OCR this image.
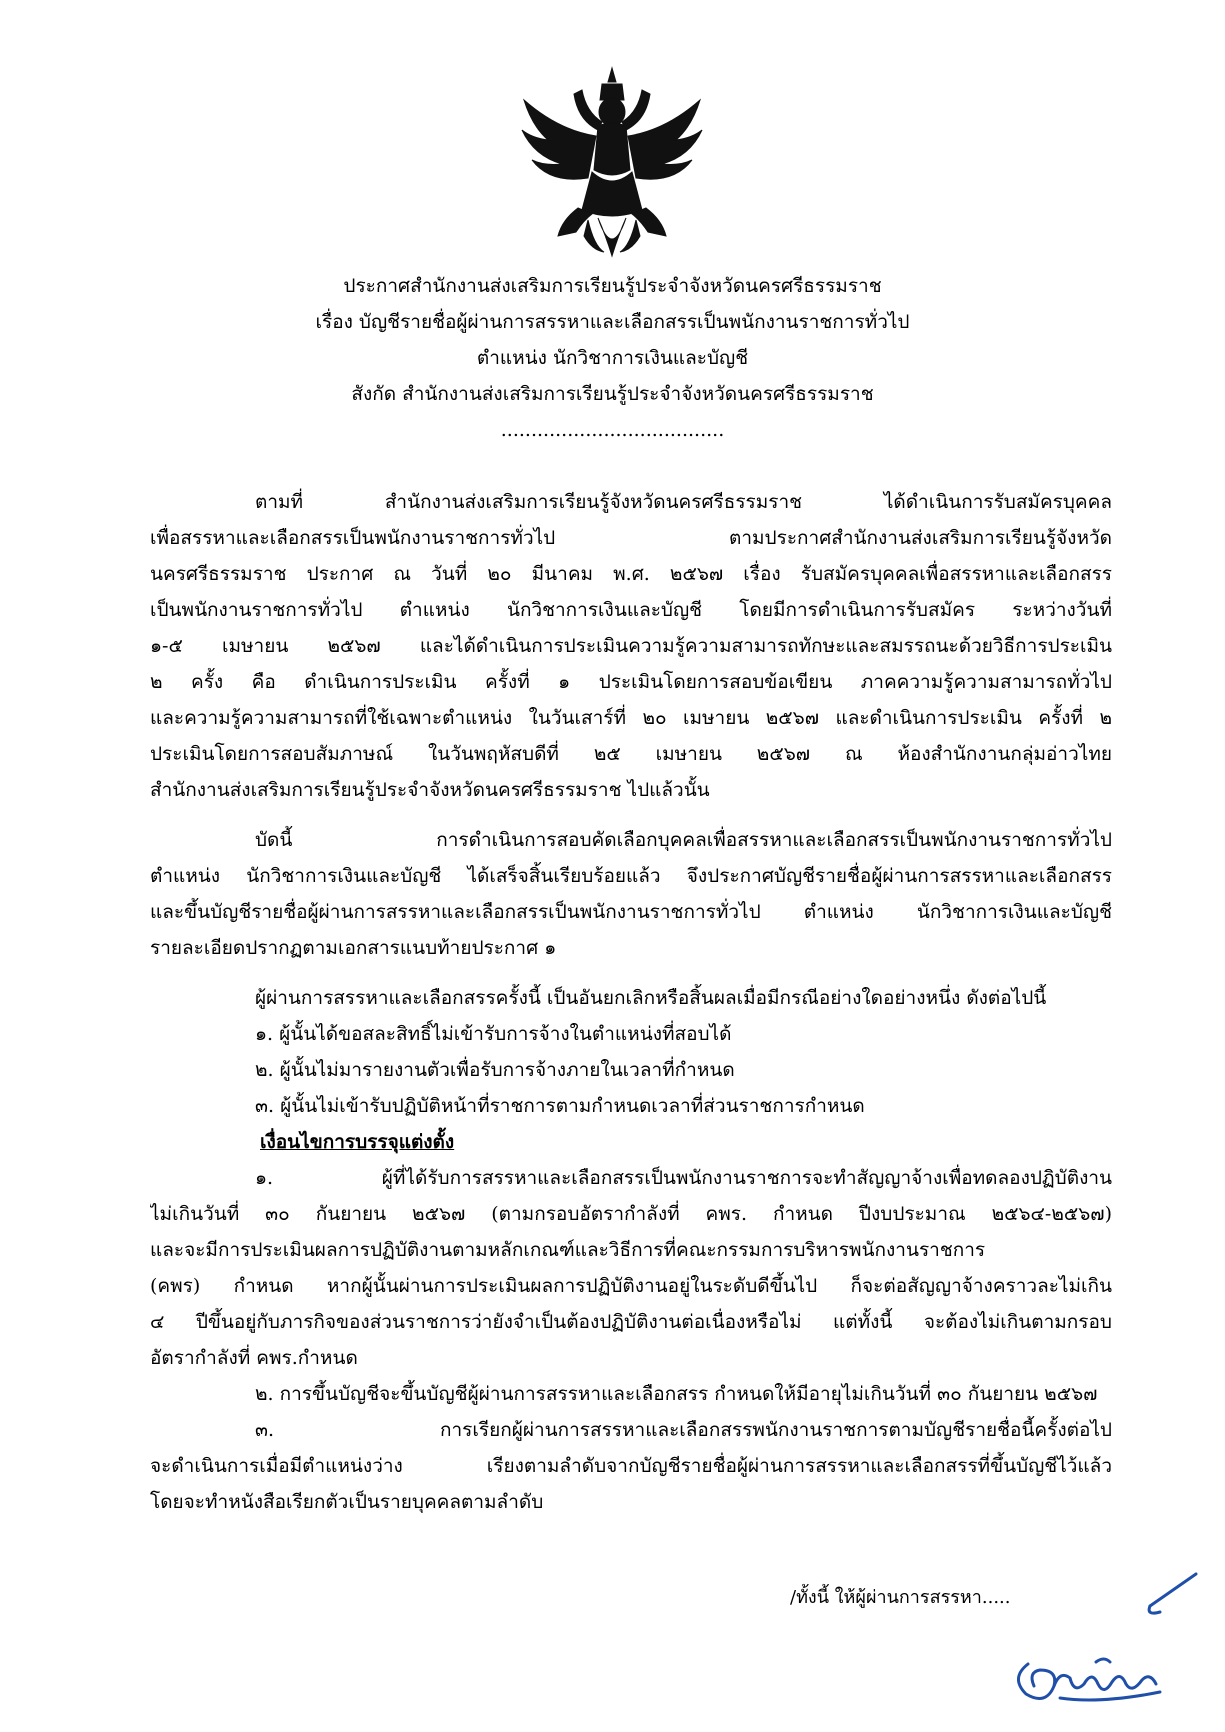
ประกาศสำนักงานส่งเสริมการเรียนรู้ประจำจังหวัดนครศรีธรรมราช
เรื่อง บัญชีรายชื่อผู้ผ่านการสรรหาและเลือกสรรเป็นพนักงานราชการทั่วไป
ตำแหน่ง นักวิชาการเงินและบัญชี
สังกัด สำนักงานส่งเสริมการเรียนรู้ประจำจังหวัดนครศรีธรรมราช
.....................................
ตามที่ สำนักงานส่งเสริมการเรียนรู้จังหวัดนครศรีธรรมราช ได้ดำเนินการรับสมัครบุคคล
เพื่อสรรหาและเลือกสรรเป็นพนักงานราชการทั่วไป ตามประกาศสำนักงานส่งเสริมการเรียนรู้จังหวัด
นครศรีธรรมราช ประกาศ ณ วันที่ ๒๐ มีนาคม พ.ศ. ๒๕๖๗ เรื่อง รับสมัครบุคคลเพื่อสรรหาและเลือกสรร
เป็นพนักงานราชการทั่วไป ตำแหน่ง นักวิชาการเงินและบัญชี โดยมีการดำเนินการรับสมัคร ระหว่างวันที่
๑-๕ เมษายน ๒๕๖๗ และได้ดำเนินการประเมินความรู้ความสามารถทักษะและสมรรถนะด้วยวิธีการประเมิน
๒ ครั้ง คือ ดำเนินการประเมิน ครั้งที่ ๑ ประเมินโดยการสอบข้อเขียน ภาคความรู้ความสามารถทั่วไป
และความรู้ความสามารถที่ใช้เฉพาะตำแหน่ง ในวันเสาร์ที่ ๒๐ เมษายน ๒๕๖๗ และดำเนินการประเมิน ครั้งที่ ๒
ประเมินโดยการสอบสัมภาษณ์ ในวันพฤหัสบดีที่ ๒๕ เมษายน ๒๕๖๗ ณ ห้องสำนักงานกลุ่มอ่าวไทย
สำนักงานส่งเสริมการเรียนรู้ประจำจังหวัดนครศรีธรรมราช ไปแล้วนั้น
บัดนี้ การดำเนินการสอบคัดเลือกบุคคลเพื่อสรรหาและเลือกสรรเป็นพนักงานราชการทั่วไป
ตำแหน่ง นักวิชาการเงินและบัญชี ได้เสร็จสิ้นเรียบร้อยแล้ว จึงประกาศบัญชีรายชื่อผู้ผ่านการสรรหาและเลือกสรร
และขึ้นบัญชีรายชื่อผู้ผ่านการสรรหาและเลือกสรรเป็นพนักงานราชการทั่วไป ตำแหน่ง นักวิชาการเงินและบัญชี
รายละเอียดปรากฏตามเอกสารแนบท้ายประกาศ ๑
ผู้ผ่านการสรรหาและเลือกสรรครั้งนี้ เป็นอันยกเลิกหรือสิ้นผลเมื่อมีกรณีอย่างใดอย่างหนึ่ง ดังต่อไปนี้
๑. ผู้นั้นได้ขอสละสิทธิ์ไม่เข้ารับการจ้างในตำแหน่งที่สอบได้
๒. ผู้นั้นไม่มารายงานตัวเพื่อรับการจ้างภายในเวลาที่กำหนด
๓. ผู้นั้นไม่เข้ารับปฏิบัติหน้าที่ราชการตามกำหนดเวลาที่ส่วนราชการกำหนด
เงื่อนไขการบรรจุแต่งตั้ง
๑. ผู้ที่ได้รับการสรรหาและเลือกสรรเป็นพนักงานราชการจะทำสัญญาจ้างเพื่อทดลองปฏิบัติงาน
ไม่เกินวันที่ ๓๐ กันยายน ๒๕๖๗ (ตามกรอบอัตรากำลังที่ คพร. กำหนด ปีงบประมาณ ๒๕๖๔-๒๕๖๗)
และจะมีการประเมินผลการปฏิบัติงานตามหลักเกณฑ์และวิธีการที่คณะกรรมการบริหารพนักงานราชการ
(คพร) กำหนด หากผู้นั้นผ่านการประเมินผลการปฏิบัติงานอยู่ในระดับดีขึ้นไป ก็จะต่อสัญญาจ้างคราวละไม่เกิน
๔ ปีขึ้นอยู่กับภารกิจของส่วนราชการว่ายังจำเป็นต้องปฏิบัติงานต่อเนื่องหรือไม่ แต่ทั้งนี้ จะต้องไม่เกินตามกรอบ
อัตรากำลังที่ คพร.กำหนด
๒. การขึ้นบัญชีจะขึ้นบัญชีผู้ผ่านการสรรหาและเลือกสรร กำหนดให้มีอายุไม่เกินวันที่ ๓๐ กันยายน ๒๕๖๗
๓. การเรียกผู้ผ่านการสรรหาและเลือกสรรพนักงานราชการตามบัญชีรายชื่อนี้ครั้งต่อไป
จะดำเนินการเมื่อมีตำแหน่งว่าง เรียงตามลำดับจากบัญชีรายชื่อผู้ผ่านการสรรหาและเลือกสรรที่ขึ้นบัญชีไว้แล้ว
โดยจะทำหนังสือเรียกตัวเป็นรายบุคคลตามลำดับ
/ทั้งนี้ ให้ผู้ผ่านการสรรหา.....
